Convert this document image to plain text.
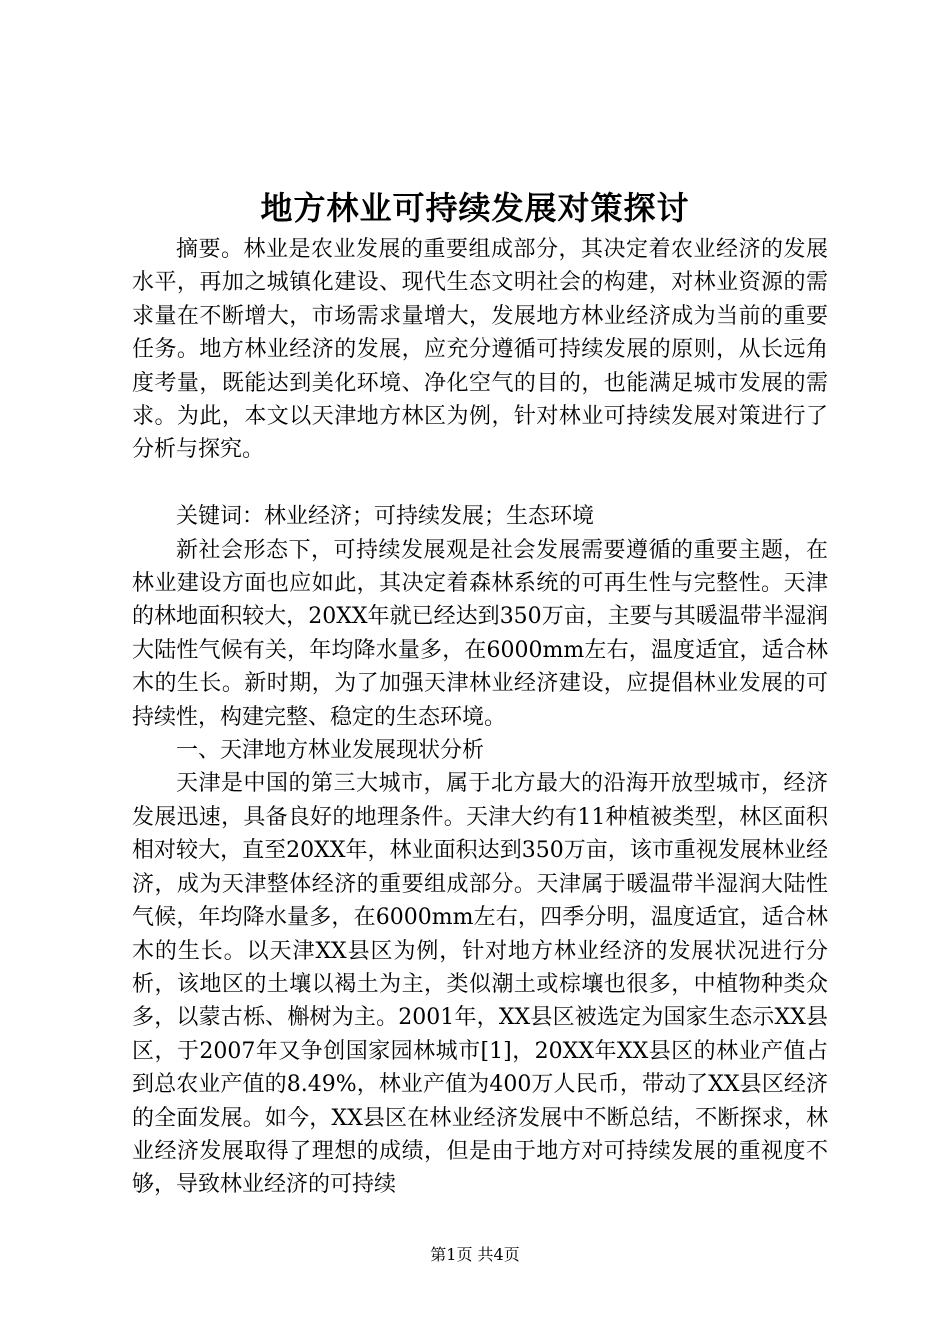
地方林业可持续发展对策探讨

摘要。林业是农业发展的重要组成部分，其决定着农业经济的发展水平，再加之城镇化建设、现代生态文明社会的构建，对林业资源的需求量在不断增大，市场需求量增大，发展地方林业经济成为当前的重要任务。地方林业经济的发展，应充分遵循可持续发展的原则，从长远角度考量，既能达到美化环境、净化空气的目的，也能满足城市发展的需求。为此，本文以天津地方林区为例，针对林业可持续发展对策进行了分析与探究。

关键词：林业经济；可持续发展；生态环境

新社会形态下，可持续发展观是社会发展需要遵循的重要主题，在林业建设方面也应如此，其决定着森林系统的可再生性与完整性。天津的林地面积较大，20XX年就已经达到350万亩，主要与其暖温带半湿润大陆性气候有关，年均降水量多，在6000mm左右，温度适宜，适合林木的生长。新时期，为了加强天津林业经济建设，应提倡林业发展的可持续性，构建完整、稳定的生态环境。

一、天津地方林业发展现状分析

天津是中国的第三大城市，属于北方最大的沿海开放型城市，经济发展迅速，具备良好的地理条件。天津大约有11种植被类型，林区面积相对较大，直至20XX年，林业面积达到350万亩，该市重视发展林业经济，成为天津整体经济的重要组成部分。天津属于暖温带半湿润大陆性气候，年均降水量多，在6000mm左右，四季分明，温度适宜，适合林木的生长。以天津XX县区为例，针对地方林业经济的发展状况进行分析，该地区的土壤以褐土为主，类似潮土或棕壤也很多，中植物种类众多，以蒙古栎、槲树为主。2001年，XX县区被选定为国家生态示XX县区，于2007年又争创国家园林城市[1]，20XX年XX县区的林业产值占到总农业产值的8.49%，林业产值为400万人民币，带动了XX县区经济的全面发展。如今，XX县区在林业经济发展中不断总结，不断探求，林业经济发展取得了理想的成绩，但是由于地方对可持续发展的重视度不够，导致林业经济的可持续

第1页 共4页
